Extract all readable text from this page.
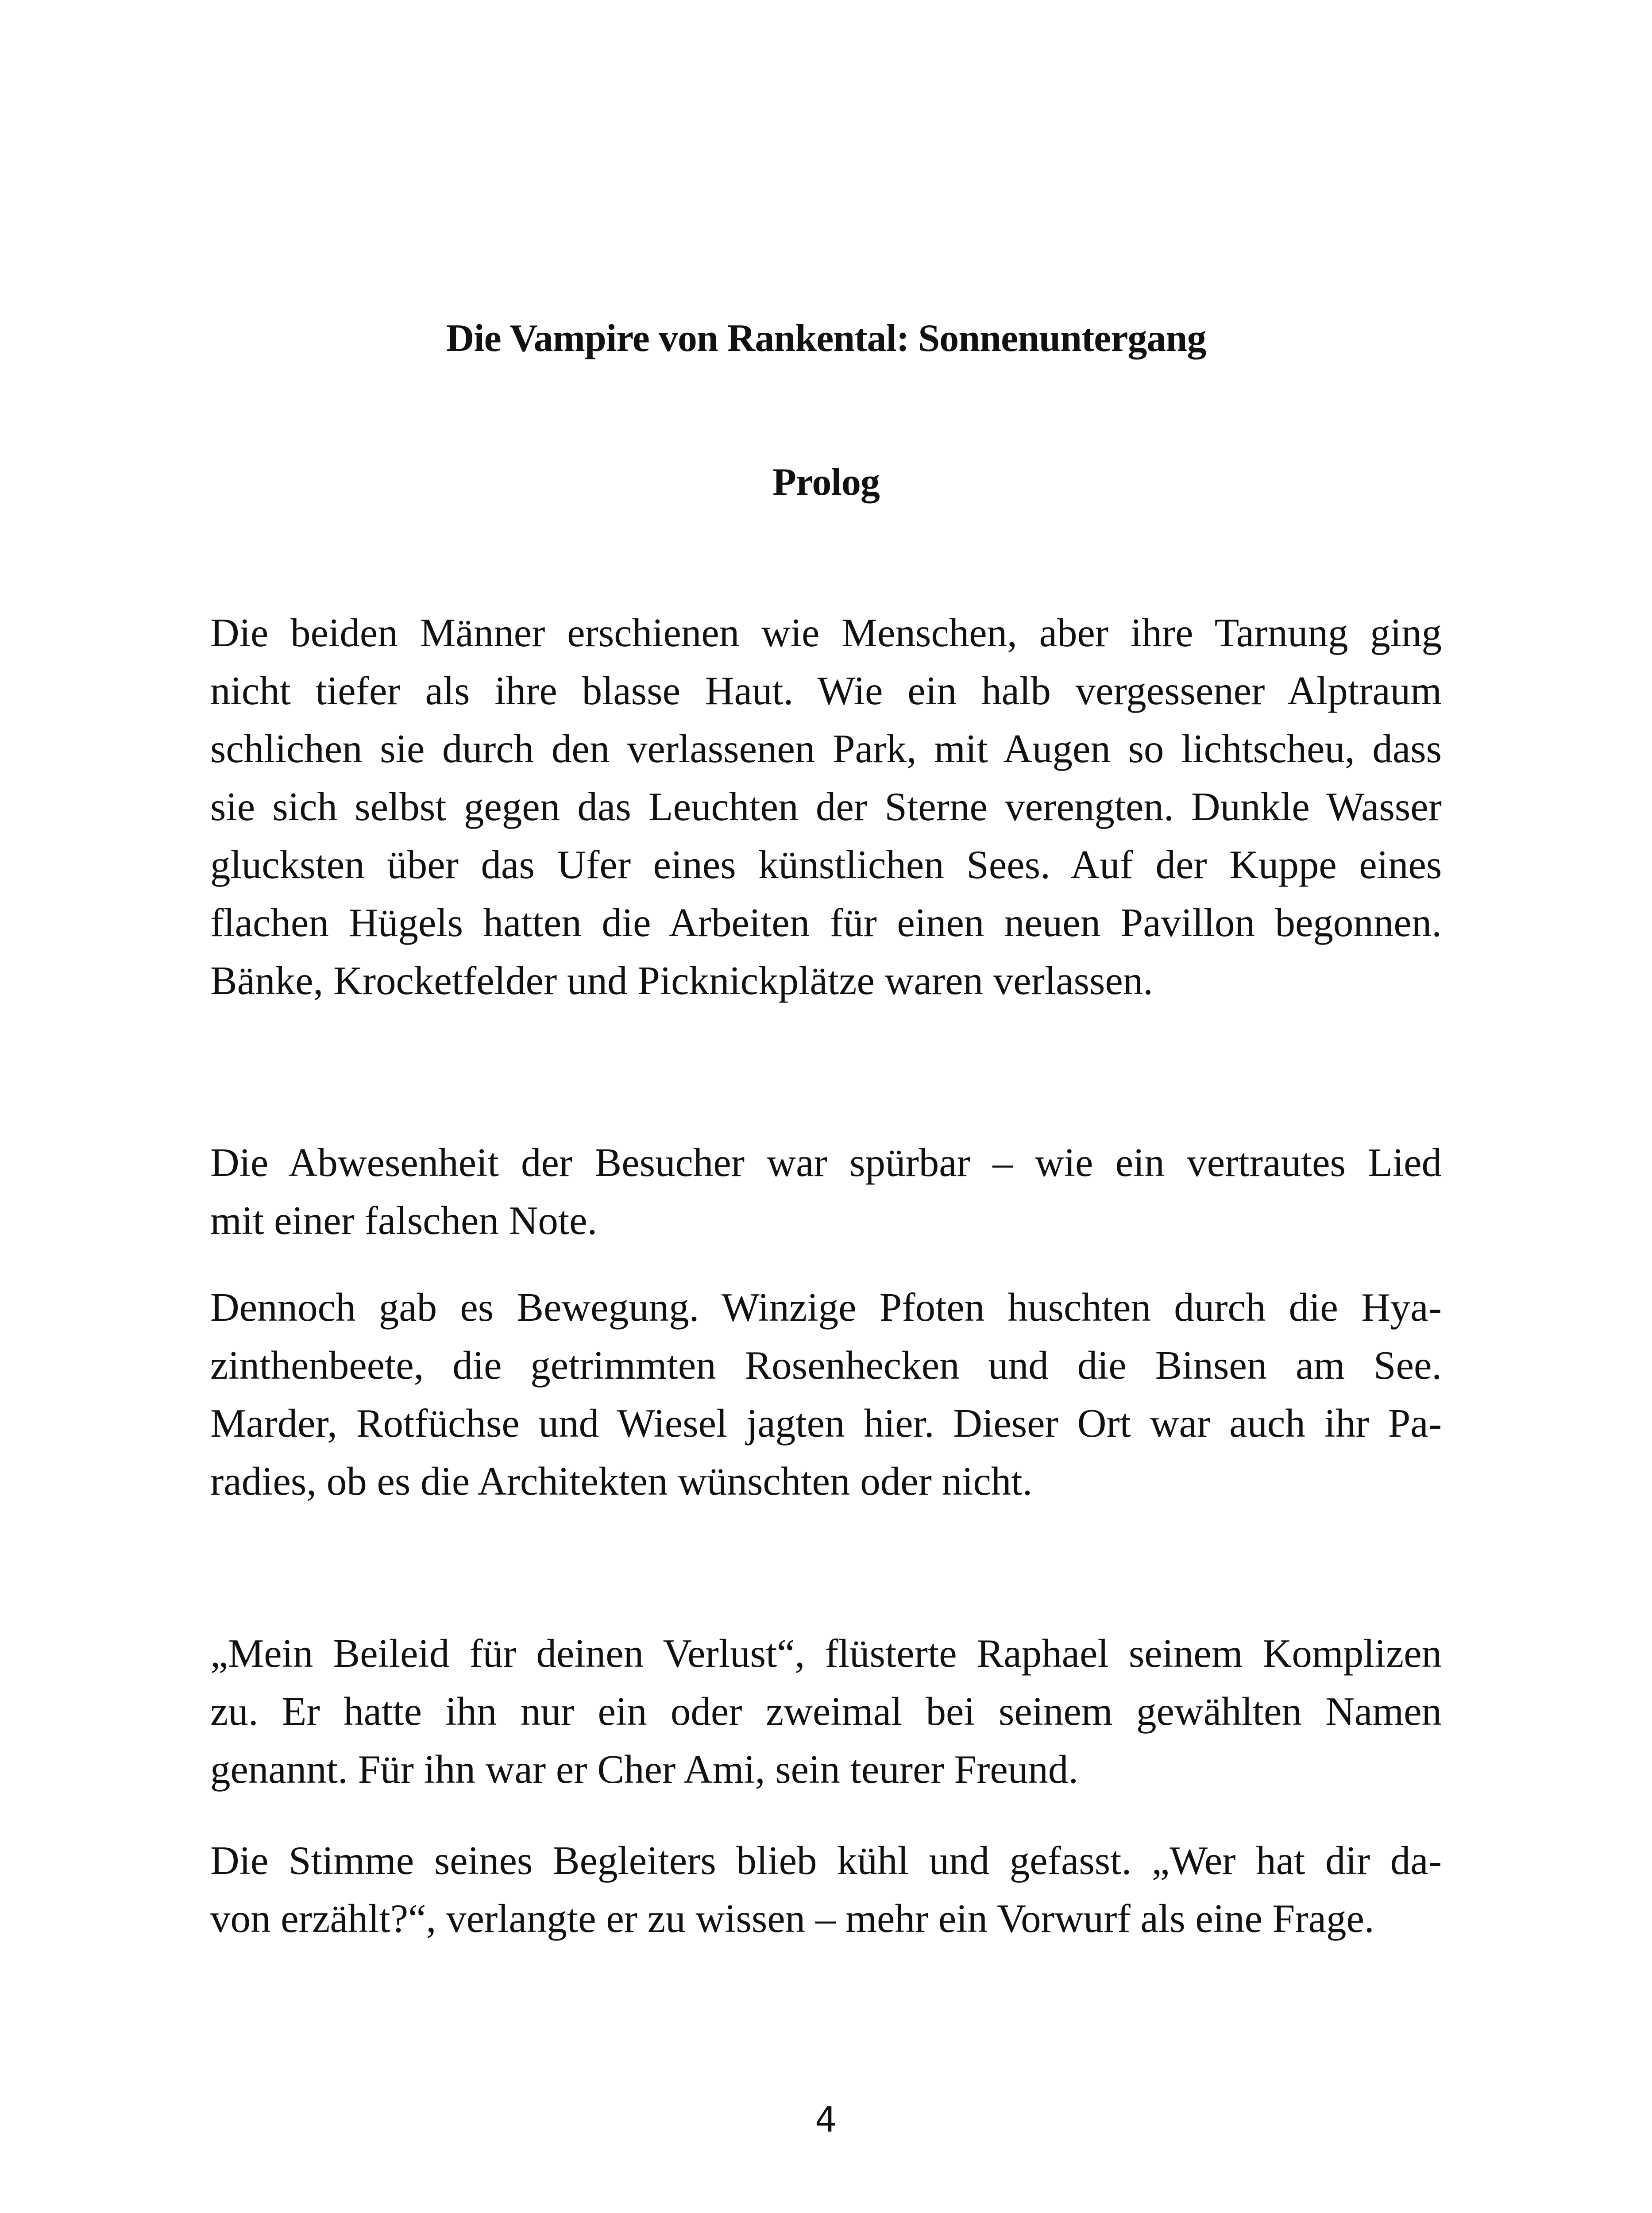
Die Vampire von Rankental: Sonnenuntergang
Prolog

Die beiden Männer erschienen wie Menschen, aber ihre Tarnung ging
nicht tiefer als ihre blasse Haut. Wie ein halb vergessener Alptraum
schlichen sie durch den verlassenen Park, mit Augen so lichtscheu, dass
sie sich selbst gegen das Leuchten der Sterne verengten. Dunkle Wasser
glucksten über das Ufer eines künstlichen Sees. Auf der Kuppe eines
flachen Hügels hatten die Arbeiten für einen neuen Pavillon begonnen.
Bänke, Krocketfelder und Picknickplätze waren verlassen.

Die Abwesenheit der Besucher war spürbar – wie ein vertrautes Lied
mit einer falschen Note.

Dennoch gab es Bewegung. Winzige Pfoten huschten durch die Hya-
zinthenbeete, die getrimmten Rosenhecken und die Binsen am See.
Marder, Rotfüchse und Wiesel jagten hier. Dieser Ort war auch ihr Pa-
radies, ob es die Architekten wünschten oder nicht.

„Mein Beileid für deinen Verlust“, flüsterte Raphael seinem Komplizen
zu. Er hatte ihn nur ein oder zweimal bei seinem gewählten Namen
genannt. Für ihn war er Cher Ami, sein teurer Freund.

Die Stimme seines Begleiters blieb kühl und gefasst. „Wer hat dir da-
von erzählt?“, verlangte er zu wissen – mehr ein Vorwurf als eine Frage.

4
